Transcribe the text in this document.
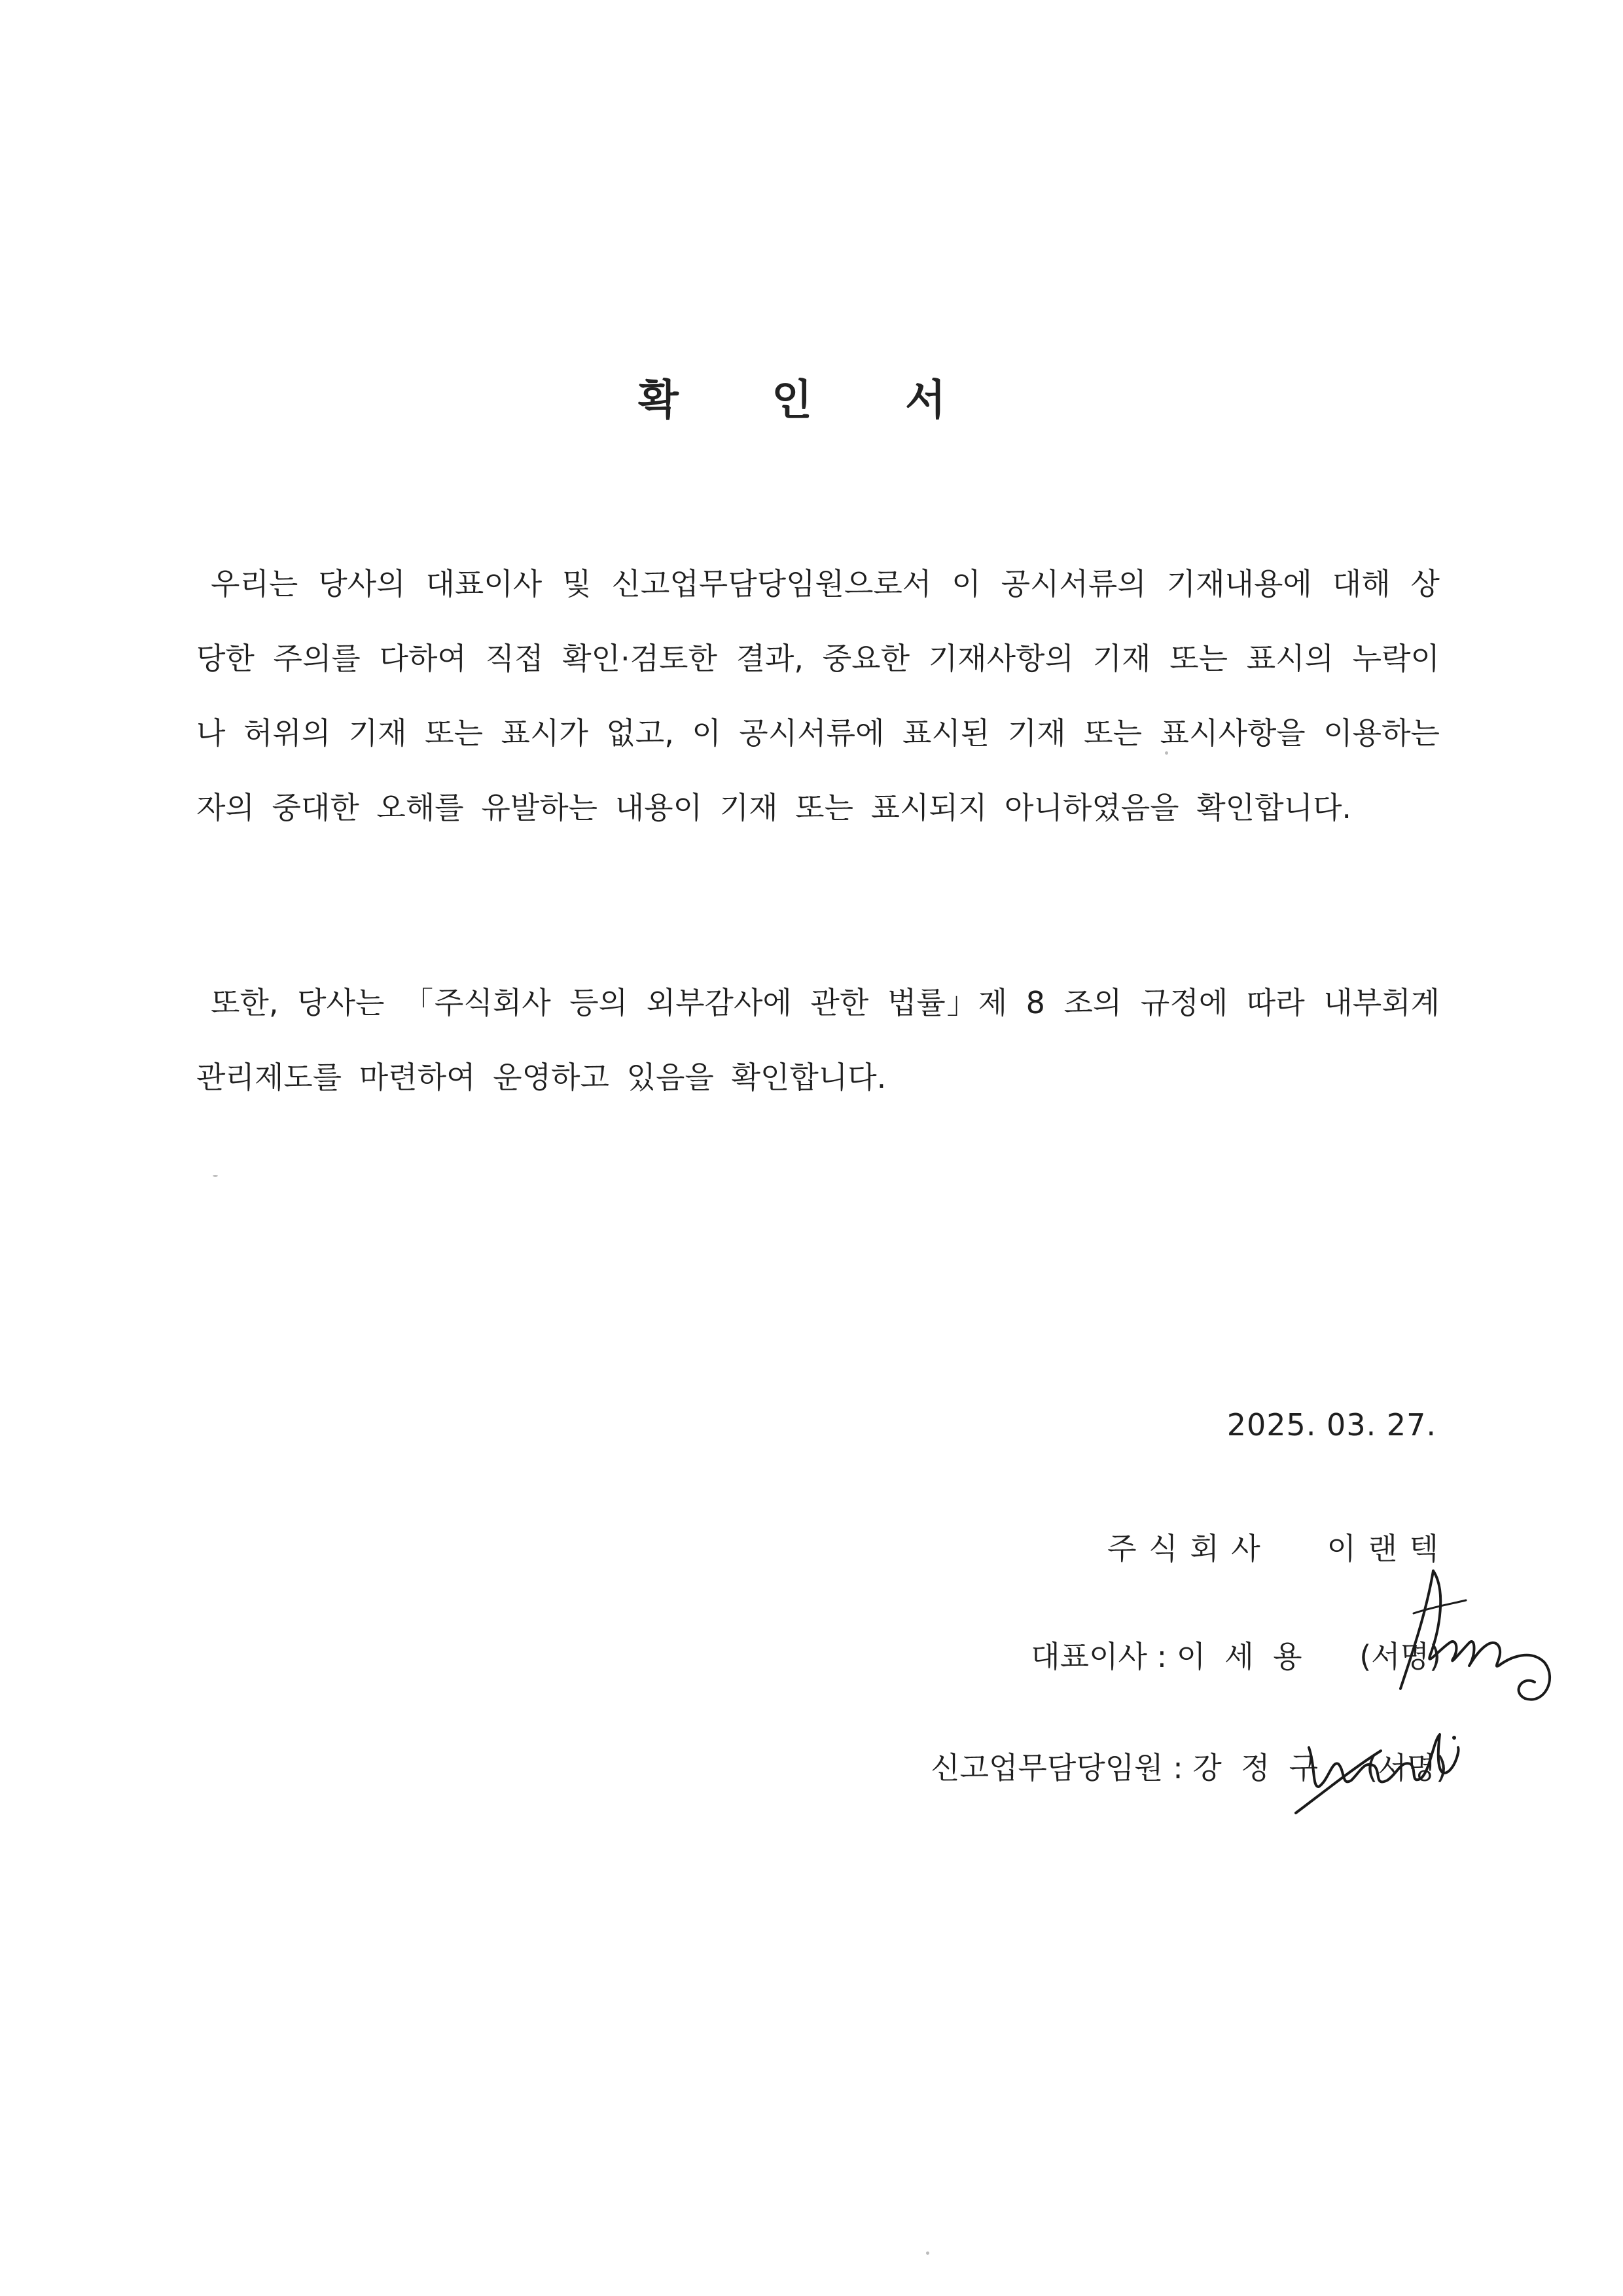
확 인 서

우리는 당사의 대표이사 및 신고업무담당임원으로서 이 공시서류의 기재내용에 대해 상당한 주의를 다하여 직접 확인·검토한 결과, 중요한 기재사항의 기재 또는 표시의 누락이나 허위의 기재 또는 표시가 없고, 이 공시서류에 표시된 기재 또는 표시사항을 이용하는 자의 중대한 오해를 유발하는 내용이 기재 또는 표시되지 아니하였음을 확인합니다.

또한, 당사는 「주식회사 등의 외부감사에 관한 법률」제 8 조의 규정에 따라 내부회계관리제도를 마련하여 운영하고 있음을 확인합니다.

2025. 03. 27.
주 식 회 사 이 랜 텍
대표이사 : 이  세  용 (서명)
신고업무담당임원 : 강  정  구 (서명)
